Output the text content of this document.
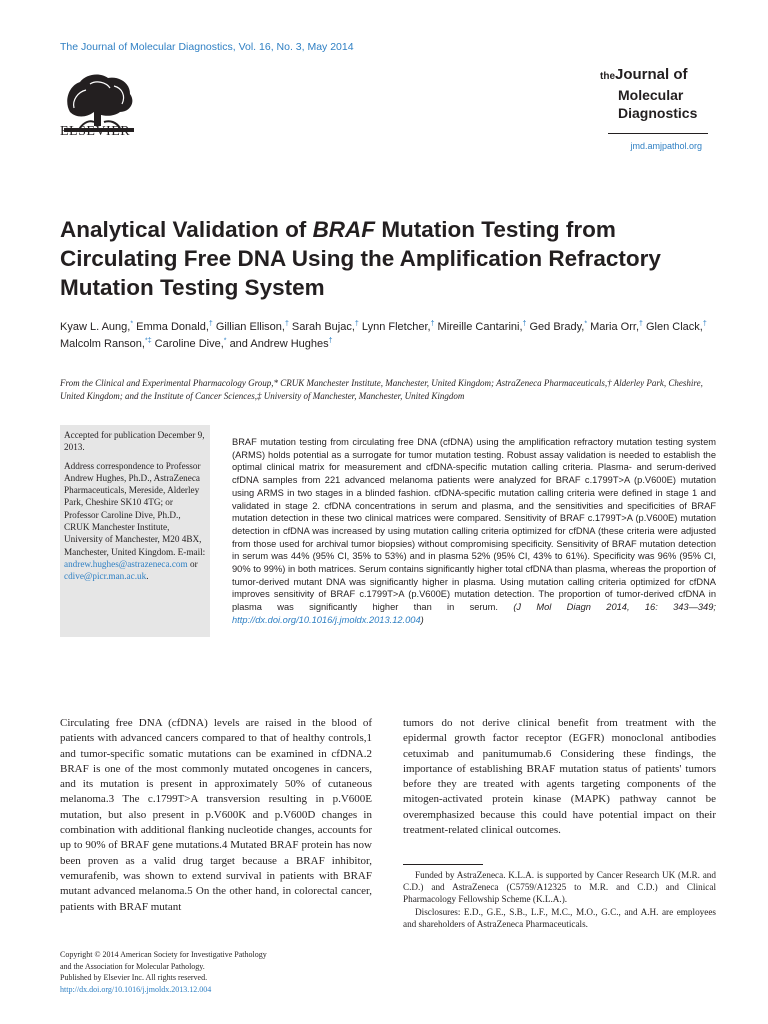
The Journal of Molecular Diagnostics, Vol. 16, No. 3, May 2014
ELSEVIER
theJournal of
Molecular
Diagnostics
jmd.amjpathol.org
Analytical Validation of BRAF Mutation Testing from Circulating Free DNA Using the Amplification Refractory Mutation Testing System
Kyaw L. Aung,* Emma Donald,† Gillian Ellison,† Sarah Bujac,† Lynn Fletcher,† Mireille Cantarini,† Ged Brady,* Maria Orr,† Glen Clack,† Malcolm Ranson,*‡ Caroline Dive,* and Andrew Hughes†
From the Clinical and Experimental Pharmacology Group,* CRUK Manchester Institute, Manchester, United Kingdom; AstraZeneca Pharmaceuticals,† Alderley Park, Cheshire, United Kingdom; and the Institute of Cancer Sciences,‡ University of Manchester, Manchester, United Kingdom

Accepted for publication December 9, 2013.

Address correspondence to Professor Andrew Hughes, Ph.D., AstraZeneca Pharmaceuticals, Mereside, Alderley Park, Cheshire SK10 4TG; or Professor Caroline Dive, Ph.D., CRUK Manchester Institute, University of Manchester, M20 4BX, Manchester, United Kingdom. E-mail: andrew.hughes@astrazeneca.com or cdive@picr.man.ac.uk.

BRAF mutation testing from circulating free DNA (cfDNA) using the amplification refractory mutation testing system (ARMS) holds potential as a surrogate for tumor mutation testing. Robust assay validation is needed to establish the optimal clinical matrix for measurement and cfDNA-specific mutation calling criteria. Plasma- and serum-derived cfDNA samples from 221 advanced melanoma patients were analyzed for BRAF c.1799T>A (p.V600E) mutation using ARMS in two stages in a blinded fashion. cfDNA-specific mutation calling criteria were defined in stage 1 and validated in stage 2. cfDNA concentrations in serum and plasma, and the sensitivities and specificities of BRAF mutation detection in these two clinical matrices were compared. Sensitivity of BRAF c.1799T>A (p.V600E) mutation detection in cfDNA was increased by using mutation calling criteria optimized for cfDNA (these criteria were adjusted from those used for archival tumor biopsies) without compromising specificity. Sensitivity of BRAF mutation detection in serum was 44% (95% CI, 35% to 53%) and in plasma 52% (95% CI, 43% to 61%). Specificity was 96% (95% CI, 90% to 99%) in both matrices. Serum contains significantly higher total cfDNA than plasma, whereas the proportion of tumor-derived mutant DNA was significantly higher in plasma. Using mutation calling criteria optimized for cfDNA improves sensitivity of BRAF c.1799T>A (p.V600E) mutation detection. The proportion of tumor-derived cfDNA in plasma was significantly higher than in serum. (J Mol Diagn 2014, 16: 343—349; http://dx.doi.org/10.1016/j.jmoldx.2013.12.004)
Circulating free DNA (cfDNA) levels are raised in the blood of patients with advanced cancers compared to that of healthy controls,1 and tumor-specific somatic mutations can be examined in cfDNA.2 BRAF is one of the most commonly mutated oncogenes in cancers, and its mutation is present in approximately 50% of cutaneous melanoma.3 The c.1799T>A transversion resulting in p.V600E mutation, but also present in p.V600K and p.V600D changes in combination with additional flanking nucleotide changes, accounts for up to 90% of BRAF gene mutations.4 Mutated BRAF protein has now been proven as a valid drug target because a BRAF inhibitor, vemurafenib, was shown to extend survival in patients with BRAF mutant advanced melanoma.5 On the other hand, in colorectal cancer, patients with BRAF mutant
tumors do not derive clinical benefit from treatment with the epidermal growth factor receptor (EGFR) monoclonal antibodies cetuximab and panitumumab.6 Considering these findings, the importance of establishing BRAF mutation status of patients' tumors before they are treated with agents targeting components of the mitogen-activated protein kinase (MAPK) pathway cannot be overemphasized because this could have potential impact on their treatment-related clinical outcomes.

Funded by AstraZeneca. K.L.A. is supported by Cancer Research UK (M.R. and C.D.) and AstraZeneca (C5759/A12325 to M.R. and C.D.) and Clinical Pharmacology Fellowship Scheme (K.L.A.).

Disclosures: E.D., G.E., S.B., L.F., M.C., M.O., G.C., and A.H. are employees and shareholders of AstraZeneca Pharmaceuticals.

Copyright © 2014 American Society for Investigative Pathology
and the Association for Molecular Pathology.
Published by Elsevier Inc. All rights reserved.
http://dx.doi.org/10.1016/j.jmoldx.2013.12.004
